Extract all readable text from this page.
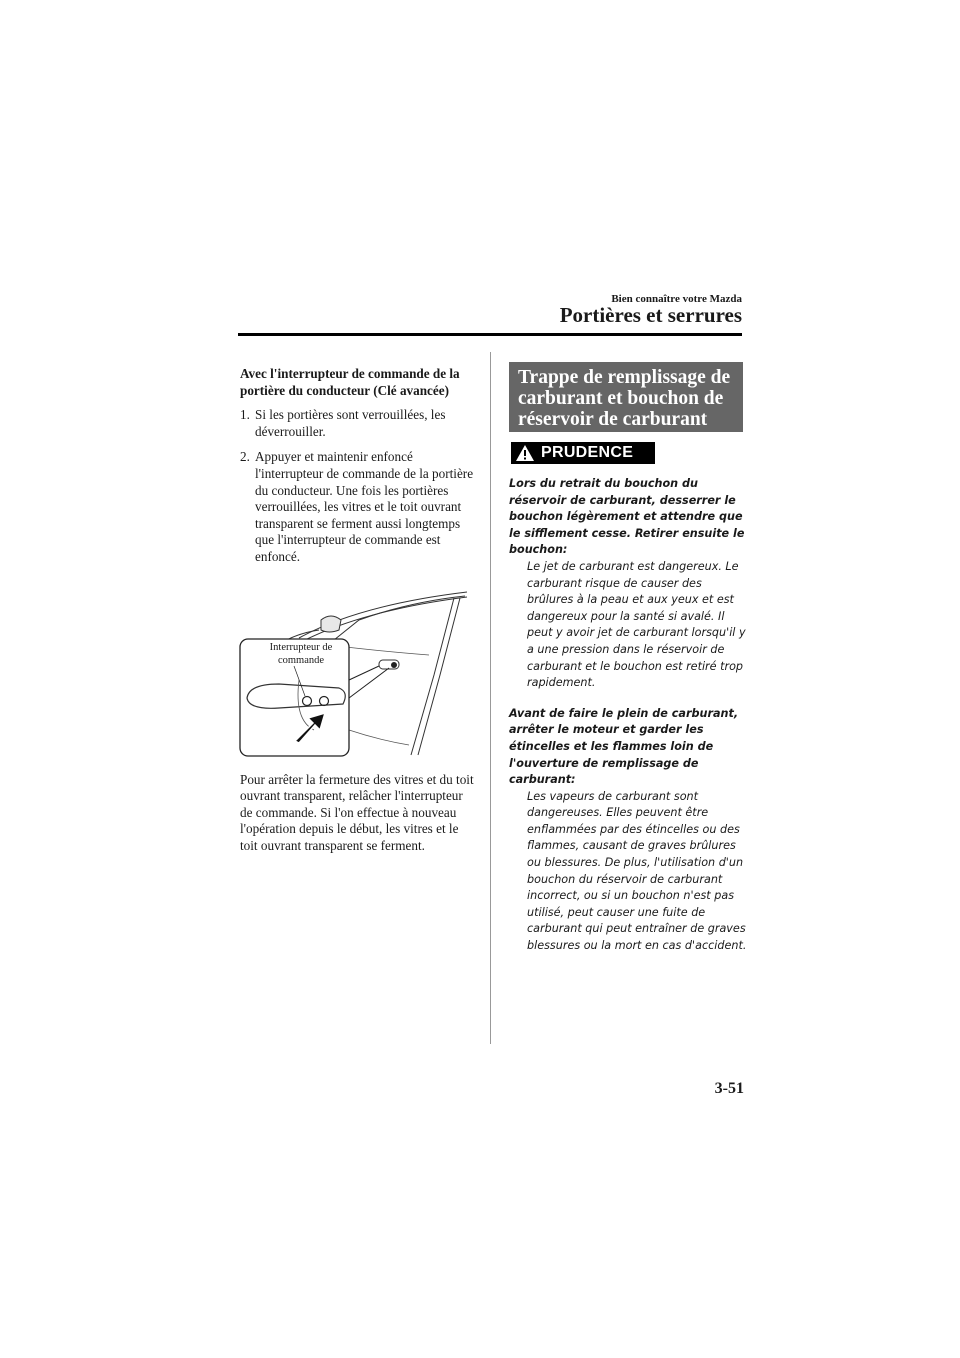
Bien connaître votre Mazda
Portières et serrures

Avec l'interrupteur de commande de la portière du conducteur (Clé avancée)

1. Si les portières sont verrouillées, les déverrouiller.
2. Appuyer et maintenir enfoncé l'interrupteur de commande de la portière du conducteur. Une fois les portières verrouillées, les vitres et le toit ouvrant transparent se ferment aussi longtemps que l'interrupteur de commande est enfoncé.
Interrupteur de commande

Pour arrêter la fermeture des vitres et du toit ouvrant transparent, relâcher l'interrupteur de commande. Si l'on effectue à nouveau l'opération depuis le début, les vitres et le toit ouvrant transparent se ferment.

Trappe de remplissage de carburant et bouchon de réservoir de carburant
PRUDENCE
Lors du retrait du bouchon du réservoir de carburant, desserrer le bouchon légèrement et attendre que le sifflement cesse. Retirer ensuite le bouchon:
Le jet de carburant est dangereux. Le carburant risque de causer des brûlures à la peau et aux yeux et est dangereux pour la santé si avalé. Il peut y avoir jet de carburant lorsqu'il y a une pression dans le réservoir de carburant et le bouchon est retiré trop rapidement.
Avant de faire le plein de carburant, arrêter le moteur et garder les étincelles et les flammes loin de l'ouverture de remplissage de carburant:
Les vapeurs de carburant sont dangereuses. Elles peuvent être enflammées par des étincelles ou des flammes, causant de graves brûlures ou blessures. De plus, l'utilisation d'un bouchon du réservoir de carburant incorrect, ou si un bouchon n'est pas utilisé, peut causer une fuite de carburant qui peut entraîner de graves blessures ou la mort en cas d'accident.
3-51
